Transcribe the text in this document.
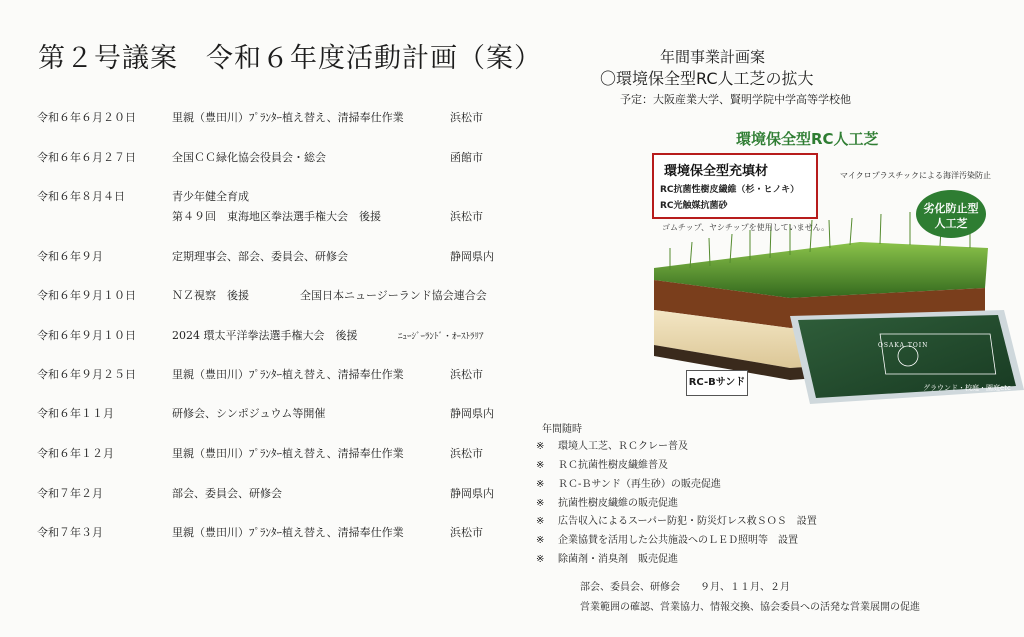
第２号議案　令和６年度活動計画（案）
令和６年６月２０日	里親（豊田川）ﾌﾟﾗﾝﾀｰ植え替え、清掃奉仕作業	浜松市
令和６年６月２７日	全国ＣＣ緑化協会役員会・総会	函館市
令和６年８月４日	青少年健全育成
第４９回　東海地区拳法選手権大会　後援	浜松市
令和６年９月	定期理事会、部会、委員会、研修会	静岡県内
令和６年９月１０日	ＮＺ視察　後援	全国日本ニュージーランド協会連合会
令和６年９月１０日	2024 環太平洋拳法選手権大会　後援	ﾆｭｰｼﾞｰﾗﾝﾄﾞ・ｵｰｽﾄﾗﾘｱ
令和６年９月２５日	里親（豊田川）ﾌﾟﾗﾝﾀｰ植え替え、清掃奉仕作業	浜松市
令和６年１１月	研修会、シンポジュウム等開催	静岡県内
令和６年１２月	里親（豊田川）ﾌﾟﾗﾝﾀｰ植え替え、清掃奉仕作業	浜松市
令和７年２月	部会、委員会、研修会	静岡県内
令和７年３月	里親（豊田川）ﾌﾟﾗﾝﾀｰ植え替え、清掃奉仕作業	浜松市
年間事業計画案
〇環境保全型RC人工芝の拡大
予定：大阪産業大学、賢明学院中学高等学校他
環境保全型RC人工芝
環境保全型充填材
RC抗菌性樹皮繊維（杉・ヒノキ）
RC光触媒抗菌砂
マイクロプラスチックによる海洋汚染防止
ゴムチップ、ヤシチップを使用していません。
劣化防止型
人工芝
RC-Bサンド
OSAKA TOIN
グラウンド・校庭・園庭etc
年間随時
※ 環境人工芝、ＲＣクレー普及
※ ＲＣ抗菌性樹皮繊維普及
※ ＲＣ-Ｂサンド（再生砂）の販売促進
※ 抗菌性樹皮繊維の販売促進
※ 広告収入によるスーパー防犯・防災灯レス救ＳＯＳ　設置
※ 企業協賛を活用した公共施設へのＬＥＤ照明等　設置
※ 除菌剤・消臭剤　販売促進
部会、委員会、研修会　　９月、１１月、２月
営業範囲の確認、営業協力、情報交換、協会委員への活発な営業展開の促進
